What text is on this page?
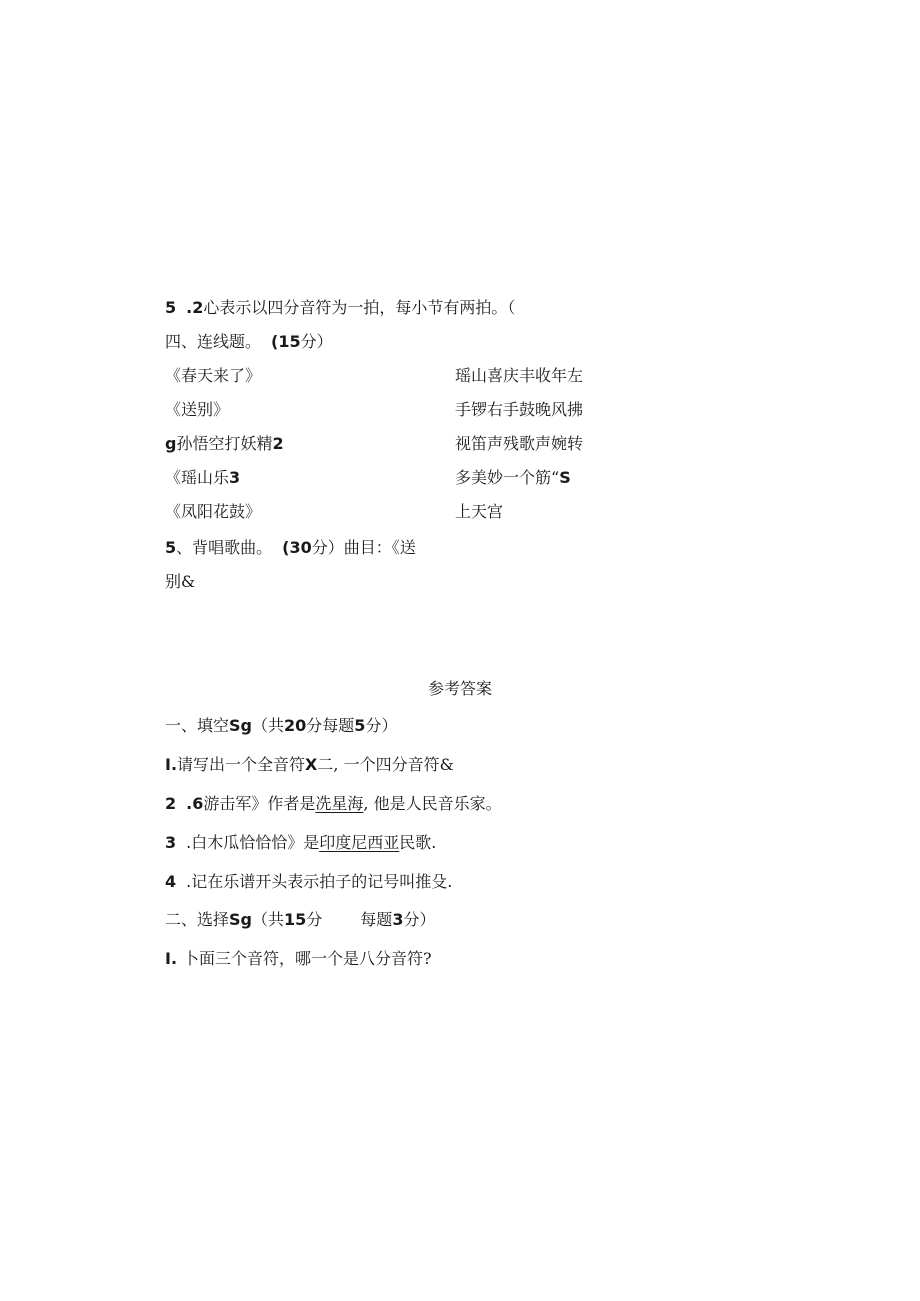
5 .2心表示以四分音符为一拍，每小节有两拍。（
四、连线题。 (15分）
《春天来了》
《送别》
g孙悟空打妖精2
《瑶山乐3
《凤阳花鼓》
瑶山喜庆丰收年左
手锣右手鼓晚风拂
视笛声残歌声婉转
多美妙一个筋“S
上天宫
5、背唱歌曲。 (30分）曲目：《送
别&
参考答案
一、填空Sg（共20分每题5分）
I.请写出一个全音符X二, 一个四分音符&
2 .6游击军》作者是冼星海, 他是人民音乐家。
3 .白木瓜恰恰恰》是印度尼西亚民歌.
4 .记在乐谱开头表示拍子的记号叫推殳.
二、选择Sg（共15分 每题3分）
I. 卜面三个音符，哪一个是八分音符?
